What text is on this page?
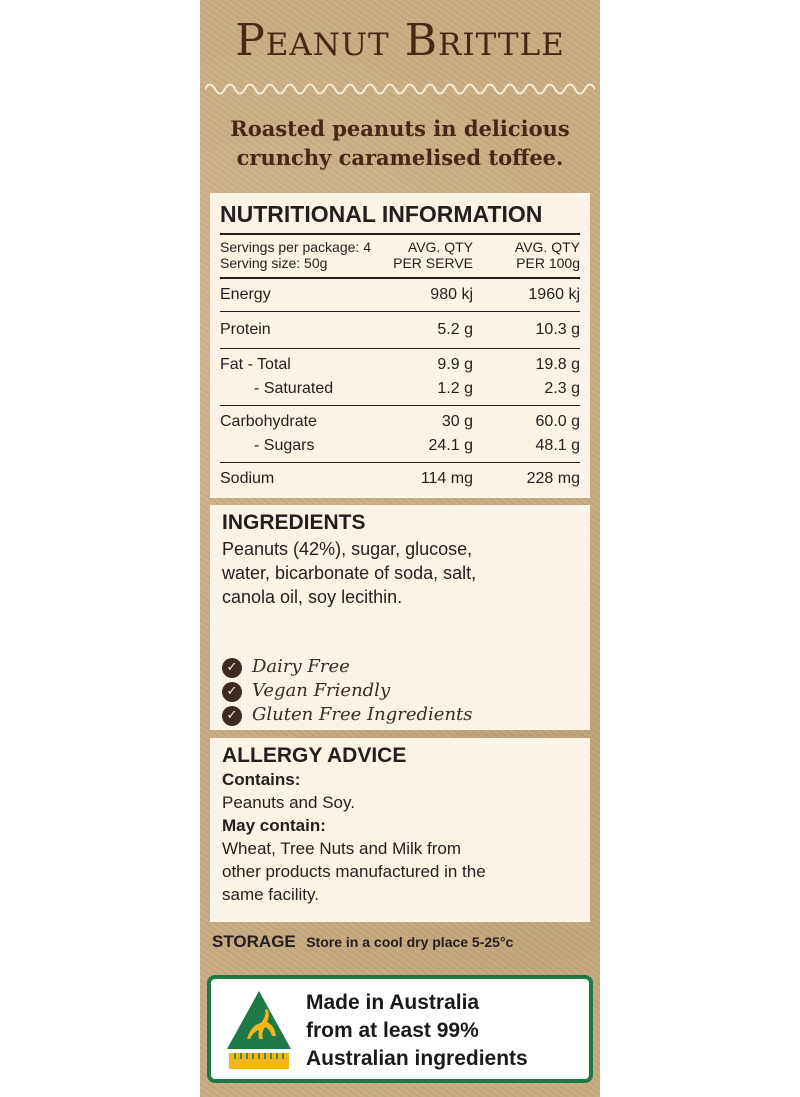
Peanut Brittle
Roasted peanuts in delicious
crunchy caramelised toffee.
NUTRITIONAL INFORMATION
Servings per package: 4	AVG. QTY	AVG. QTY
Serving size: 50g	PER SERVE	PER 100g
Energy	980 kj	1960 kj
Protein	5.2 g	10.3 g
Fat - Total	9.9 g	19.8 g
- Saturated	1.2 g	2.3 g
Carbohydrate	30 g	60.0 g
- Sugars	24.1 g	48.1 g
Sodium	114 mg	228 mg
INGREDIENTS
Peanuts (42%), sugar, glucose,
water, bicarbonate of soda, salt,
canola oil, soy lecithin.
✓ Dairy Free
✓ Vegan Friendly
✓ Gluten Free Ingredients
ALLERGY ADVICE
Contains:
Peanuts and Soy.
May contain:
Wheat, Tree Nuts and Milk from
other products manufactured in the
same facility.
STORAGE Store in a cool dry place 5-25°c
Made in Australia
from at least 99%
Australian ingredients
